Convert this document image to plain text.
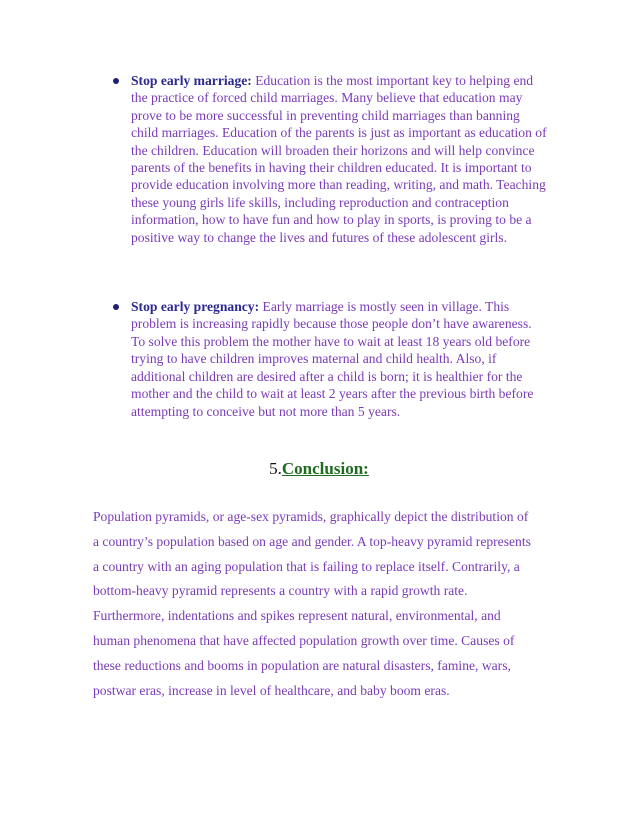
Stop early marriage: Education is the most important key to helping end the practice of forced child marriages. Many believe that education may prove to be more successful in preventing child marriages than banning child marriages. Education of the parents is just as important as education of the children. Education will broaden their horizons and will help convince parents of the benefits in having their children educated. It is important to provide education involving more than reading, writing, and math. Teaching these young girls life skills, including reproduction and contraception information, how to have fun and how to play in sports, is proving to be a positive way to change the lives and futures of these adolescent girls.
Stop early pregnancy: Early marriage is mostly seen in village. This problem is increasing rapidly because those people don’t have awareness. To solve this problem the mother have to wait at least 18 years old before trying to have children improves maternal and child health. Also, if additional children are desired after a child is born; it is healthier for the mother and the child to wait at least 2 years after the previous birth before attempting to conceive but not more than 5 years.
5.Conclusion:

Population pyramids, or age-sex pyramids, graphically depict the distribution of a country’s population based on age and gender. A top-heavy pyramid represents a country with an aging population that is failing to replace itself. Contrarily, a bottom-heavy pyramid represents a country with a rapid growth rate. Furthermore, indentations and spikes represent natural, environmental, and human phenomena that have affected population growth over time. Causes of these reductions and booms in population are natural disasters, famine, wars, postwar eras, increase in level of healthcare, and baby boom eras.
